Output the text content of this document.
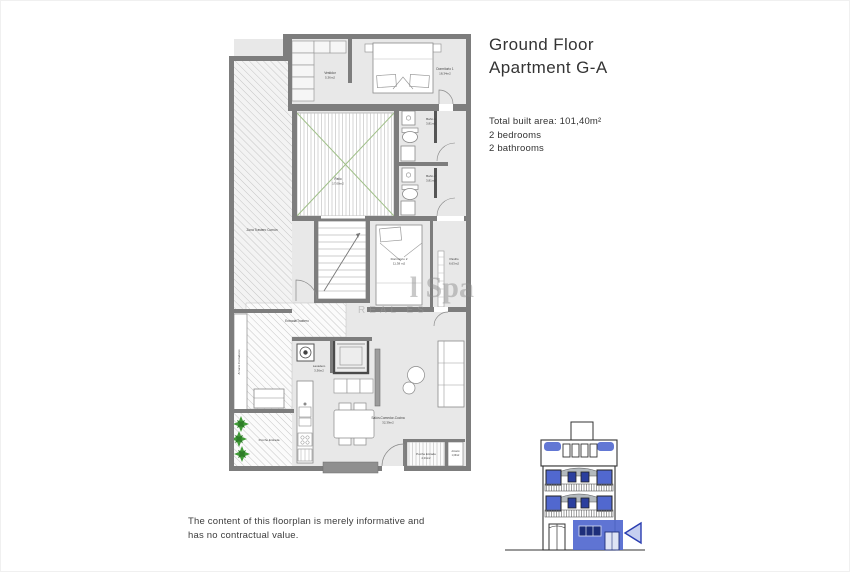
Zona Trastero Común
Entrada/Trastero
Porche Entrada
Armario Contadores
Patio
17,00m2
Vestidor
5,36m2
Dormitorio 1
18,34m2
Baño 1
3,81m2
Baño 2
3,81m2
Dormitorio 2
11,38 m2
Pasillo
6,63m2
Lavadero
3,36m2
Salón-Comedor-Cocina
32,39m2
Porche Entrada
2,01m2
Armario
1,06m2
l Spa
REAL ES
Ground Floor
Apartment G-A
Total built area: 101,40m²
2 bedrooms
2 bathrooms
The content of this floorplan is merely informative and
has no contractual value.
